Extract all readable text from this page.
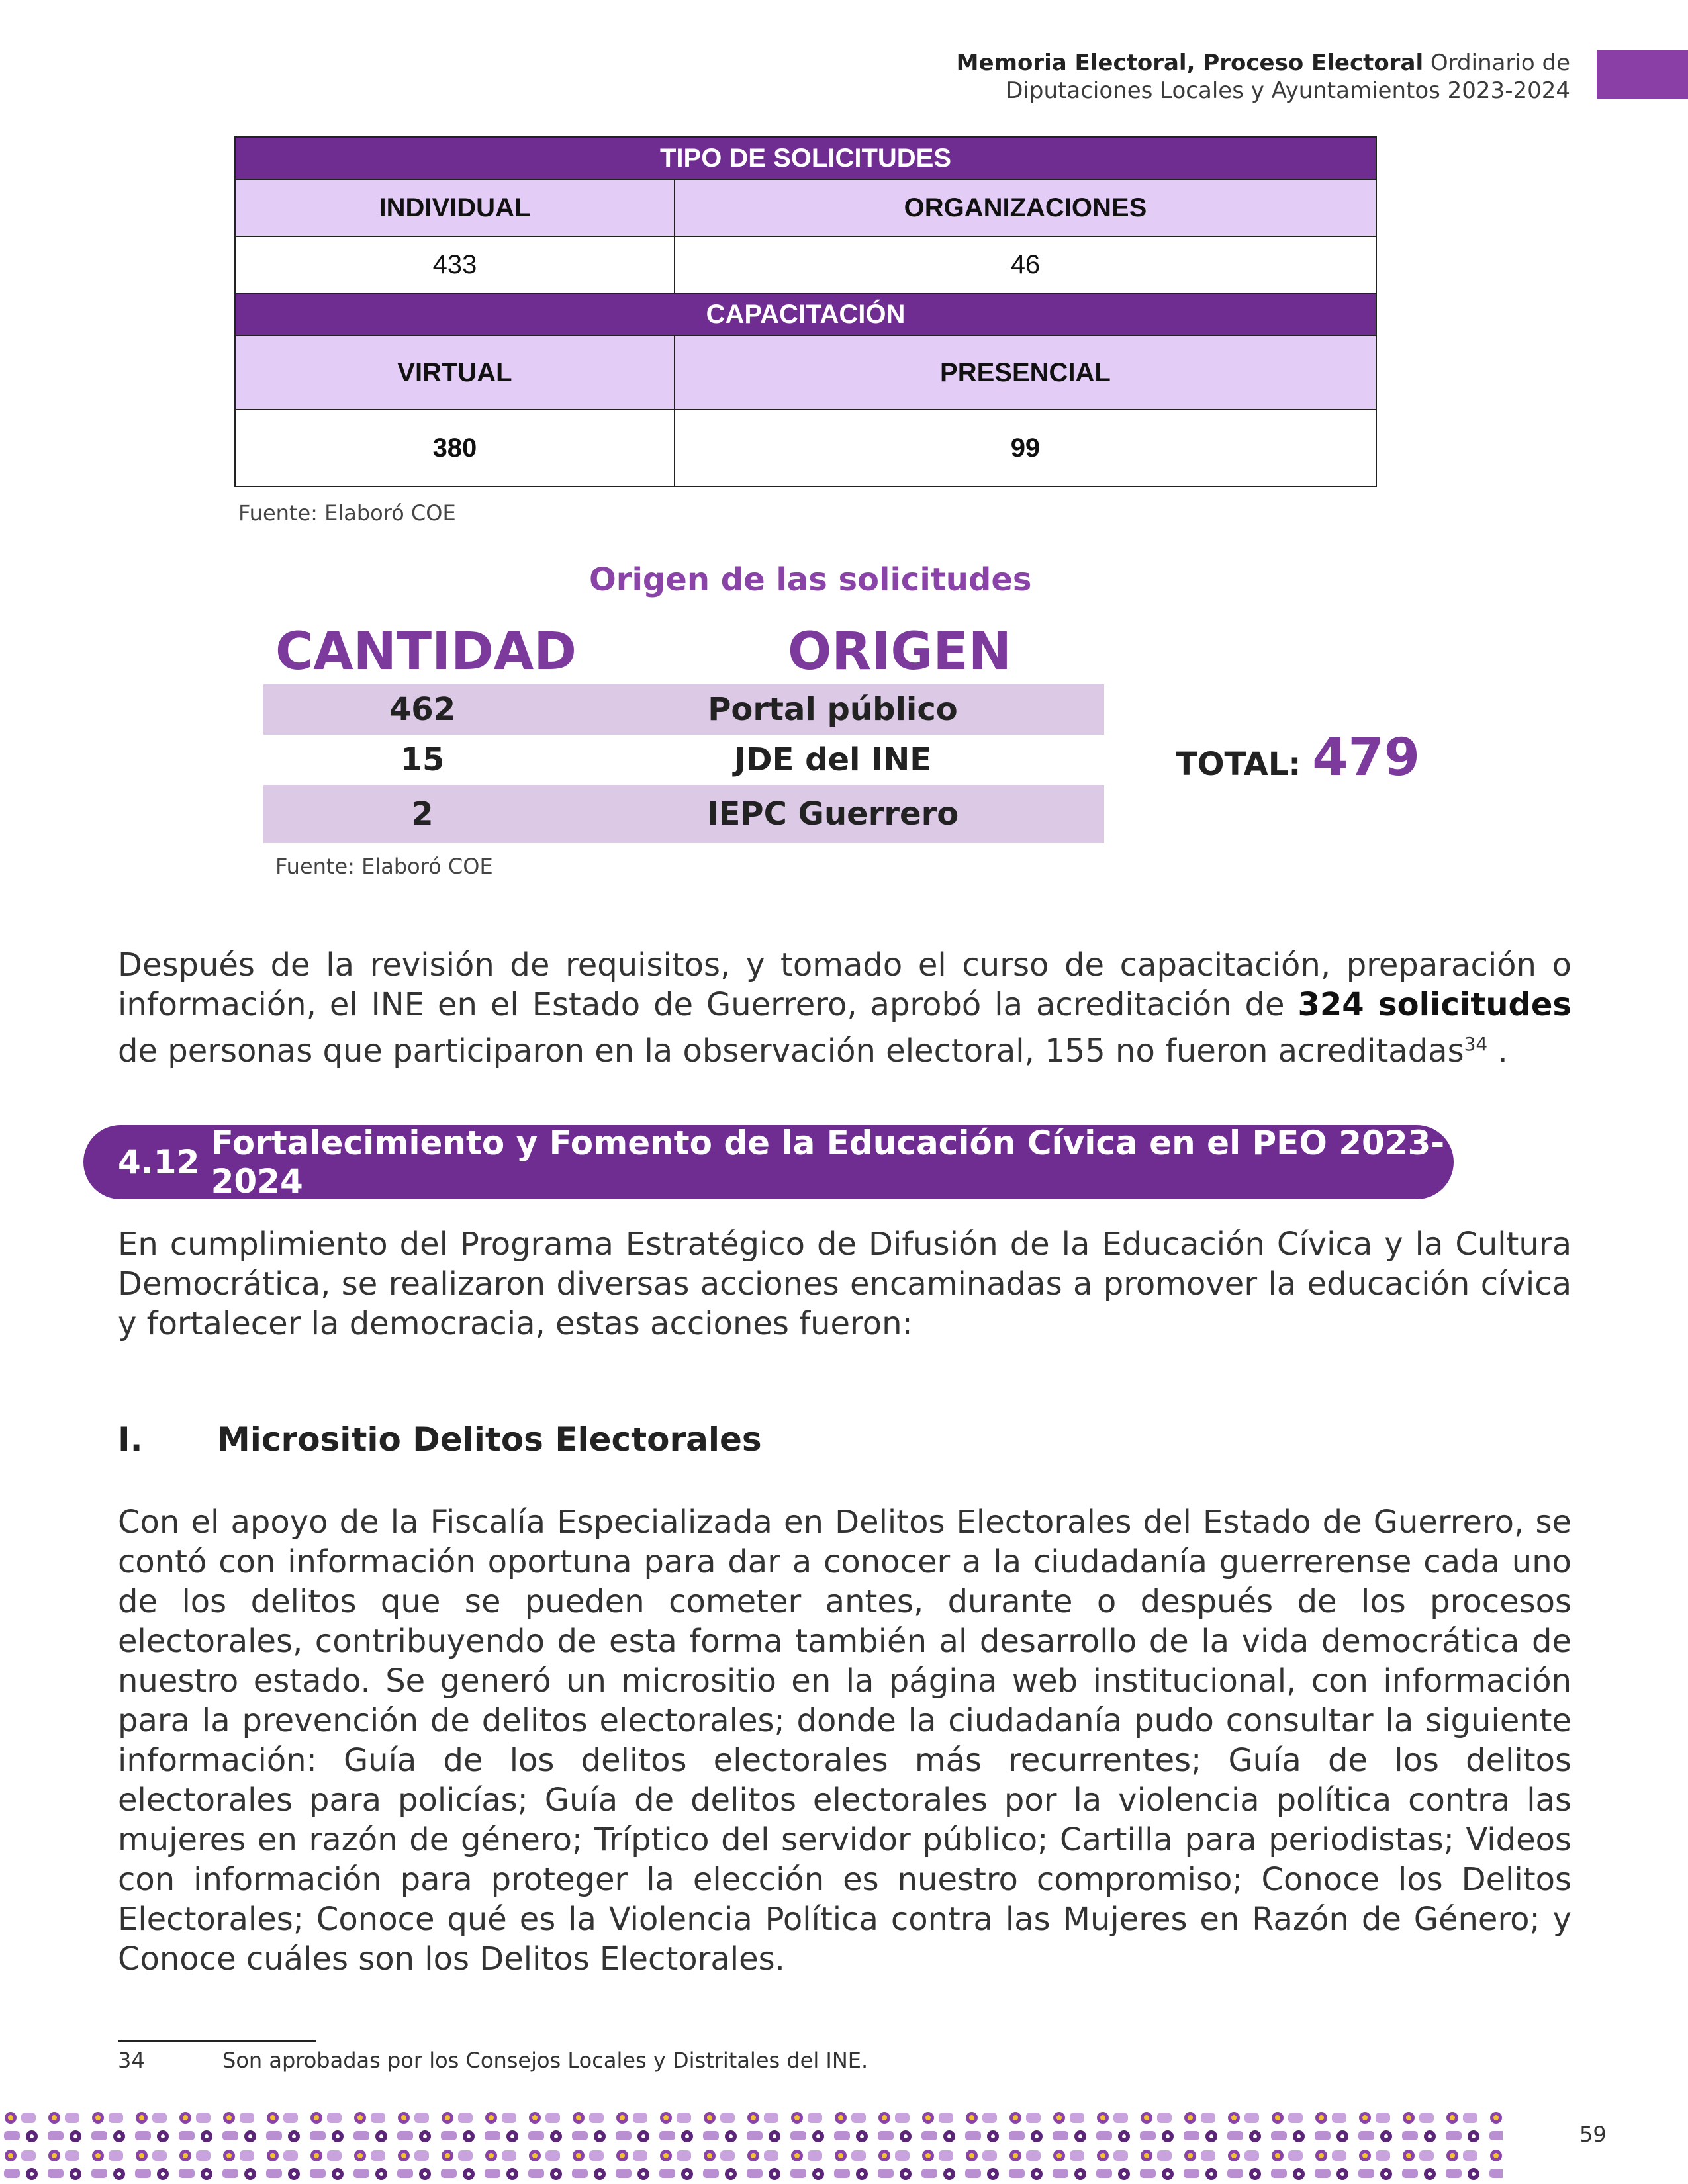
Memoria Electoral, Proceso Electoral Ordinario de
Diputaciones Locales y Ayuntamientos 2023-2024
TIPO DE SOLICITUDES	
INDIVIDUAL	ORGANIZACIONES
433	46
CAPACITACIÓN	
VIRTUAL	PRESENCIAL
380	99
Fuente: Elaboró COE
Origen de las solicitudes
CANTIDAD	ORIGEN
462	Portal público
15	JDE del INE
2	IEPC Guerrero
TOTAL: 479
Fuente: Elaboró COE
Después de la revisión de requisitos, y tomado el curso de capacitación, preparación o información, el INE en el Estado de Guerrero, aprobó la acreditación de 324 solicitudes de personas que participaron en la observación electoral, 155 no fueron acreditadas$^{34}$ .
4.12 Fortalecimiento y Fomento de la Educación Cívica en el PEO 2023-2024
En cumplimiento del Programa Estratégico de Difusión de la Educación Cívica y la Cultura Democrática, se realizaron diversas acciones encaminadas a promover la educación cívica y fortalecer la democracia, estas acciones fueron:
I. Micrositio Delitos Electorales
Con el apoyo de la Fiscalía Especializada en Delitos Electorales del Estado de Guerrero, se contó con información oportuna para dar a conocer a la ciudadanía guerrerense cada uno de los delitos que se pueden cometer antes, durante o después de los procesos electorales, contribuyendo de esta forma también al desarrollo de la vida democrática de nuestro estado. Se generó un micrositio en la página web institucional, con información para la prevención de delitos electorales; donde la ciudadanía pudo consultar la siguiente información: Guía de los delitos electorales más recurrentes; Guía de los delitos electorales para policías; Guía de delitos electorales por la violencia política contra las mujeres en razón de género; Tríptico del servidor público; Cartilla para periodistas; Videos con información para proteger la elección es nuestro compromiso; Conoce los Delitos Electorales; Conoce qué es la Violencia Política contra las Mujeres en Razón de Género; y Conoce cuáles son los Delitos Electorales.
34	Son aprobadas por los Consejos Locales y Distritales del INE.
59
